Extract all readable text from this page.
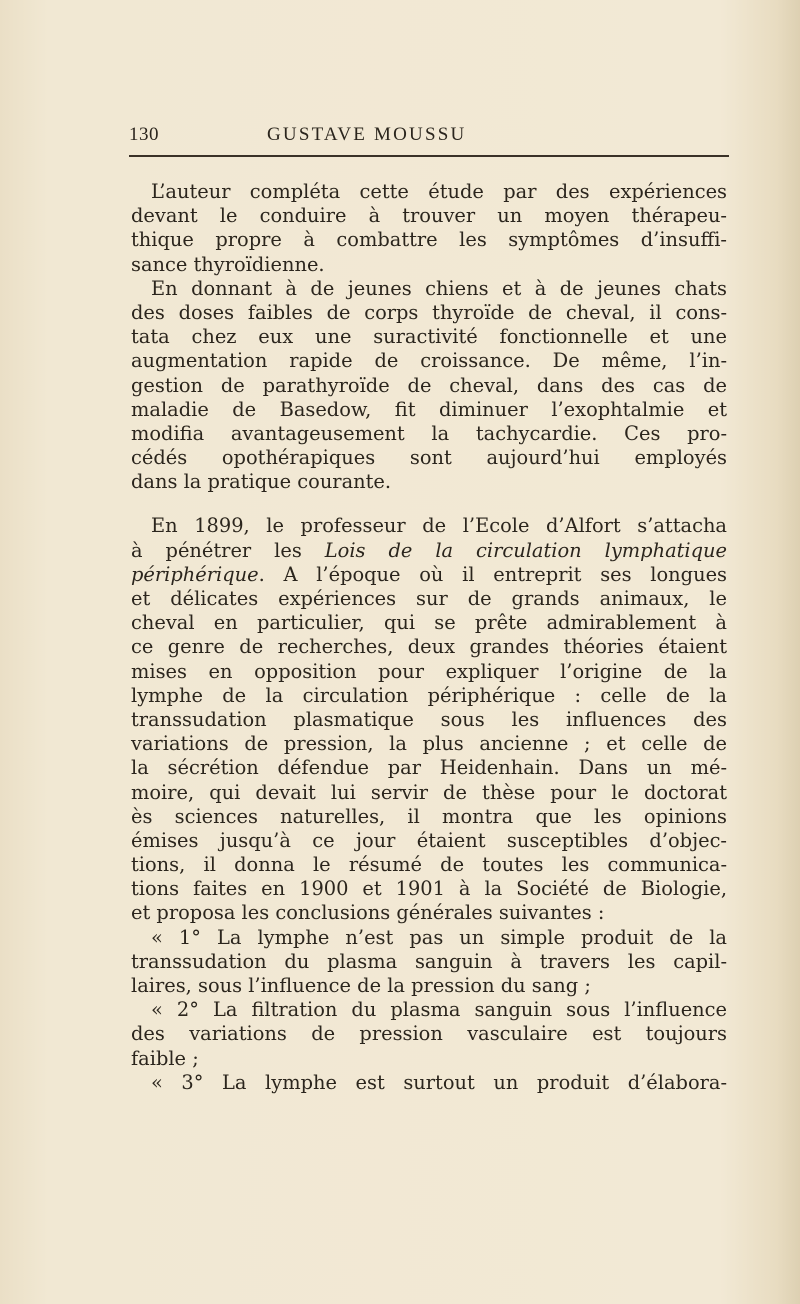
130	GUSTAVE MOUSSU
L’auteur compléta cette étude par des expériences
devant le conduire à trouver un moyen thérapeu-
thique propre à combattre les symptômes d’insuffi-
sance thyroïdienne.
En donnant à de jeunes chiens et à de jeunes chats
des doses faibles de corps thyroïde de cheval, il cons-
tata chez eux une suractivité fonctionnelle et une
augmentation rapide de croissance. De même, l’in-
gestion de parathyroïde de cheval, dans des cas de
maladie de Basedow, fit diminuer l’exophtalmie et
modifia avantageusement la tachycardie. Ces pro-
cédés opothérapiques sont aujourd’hui employés
dans la pratique courante.
En 1899, le professeur de l’Ecole d’Alfort s’attacha
à pénétrer les Lois de la circulation lymphatique
périphérique. A l’époque où il entreprit ses longues
et délicates expériences sur de grands animaux, le
cheval en particulier, qui se prête admirablement à
ce genre de recherches, deux grandes théories étaient
mises en opposition pour expliquer l’origine de la
lymphe de la circulation périphérique : celle de la
transsudation plasmatique sous les influences des
variations de pression, la plus ancienne ; et celle de
la sécrétion défendue par Heidenhain. Dans un mé-
moire, qui devait lui servir de thèse pour le doctorat
ès sciences naturelles, il montra que les opinions
émises jusqu’à ce jour étaient susceptibles d’objec-
tions, il donna le résumé de toutes les communica-
tions faites en 1900 et 1901 à la Société de Biologie,
et proposa les conclusions générales suivantes :
« 1° La lymphe n’est pas un simple produit de la
transsudation du plasma sanguin à travers les capil-
laires, sous l’influence de la pression du sang ;
« 2° La filtration du plasma sanguin sous l’influence
des variations de pression vasculaire est toujours
faible ;
« 3° La lymphe est surtout un produit d’élabora-
